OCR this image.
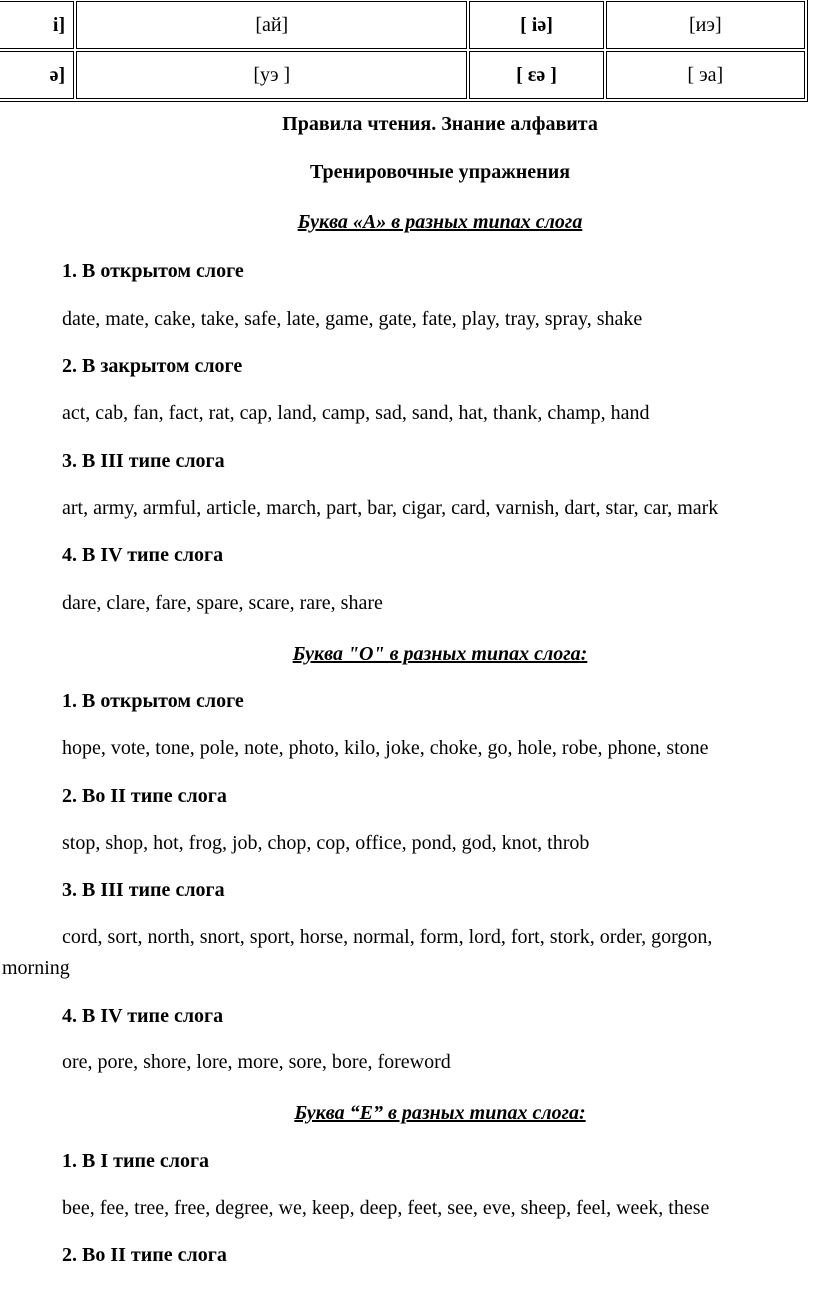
i]	[ай]	[ iə]	[иэ]
ə]	[уэ ]	[ ɛə ]	[ эа]
Правила чтения. Знание алфавита
Тренировочные упражнения
Буква «А» в разных типах слога
1. В открытом слоге
date, mate, cake, take, safe, late, game, gate, fate, play, tray, spray, shake
2. В закрытом слоге
act, cab, fan, fact, rat, cap, land, camp, sad, sand, hat, thank, champ, hand
3. В III типе слога
art, army, armful, article, march, part, bar, cigar, card, varnish, dart, star, car, mark
4. В IV типе слога
dare, clare, fare, spare, scare, rare, share
Буква "О" в разных типах слога:
1. В открытом слоге
hope, vote, tone, pole, note, photo, kilo, joke, choke, go, hole, robe, phone, stone
2. Во II типе слога
stop, shop, hot, frog, job, chop, cop, office, pond, god, knot, throb
3. В III типе слога
cord, sort, north, snort, sport, horse, normal, form, lord, fort, stork, order, gorgon,
morning
4. В IV типе слога
ore, pore, shore, lore, more, sore, bore, foreword
Буква “Е” в разных типах слога:
1. В I типе слога
bee, fee, tree, free, degree, we, keep, deep, feet, see, eve, sheep, feel, week, these
2. Во II типе слога
